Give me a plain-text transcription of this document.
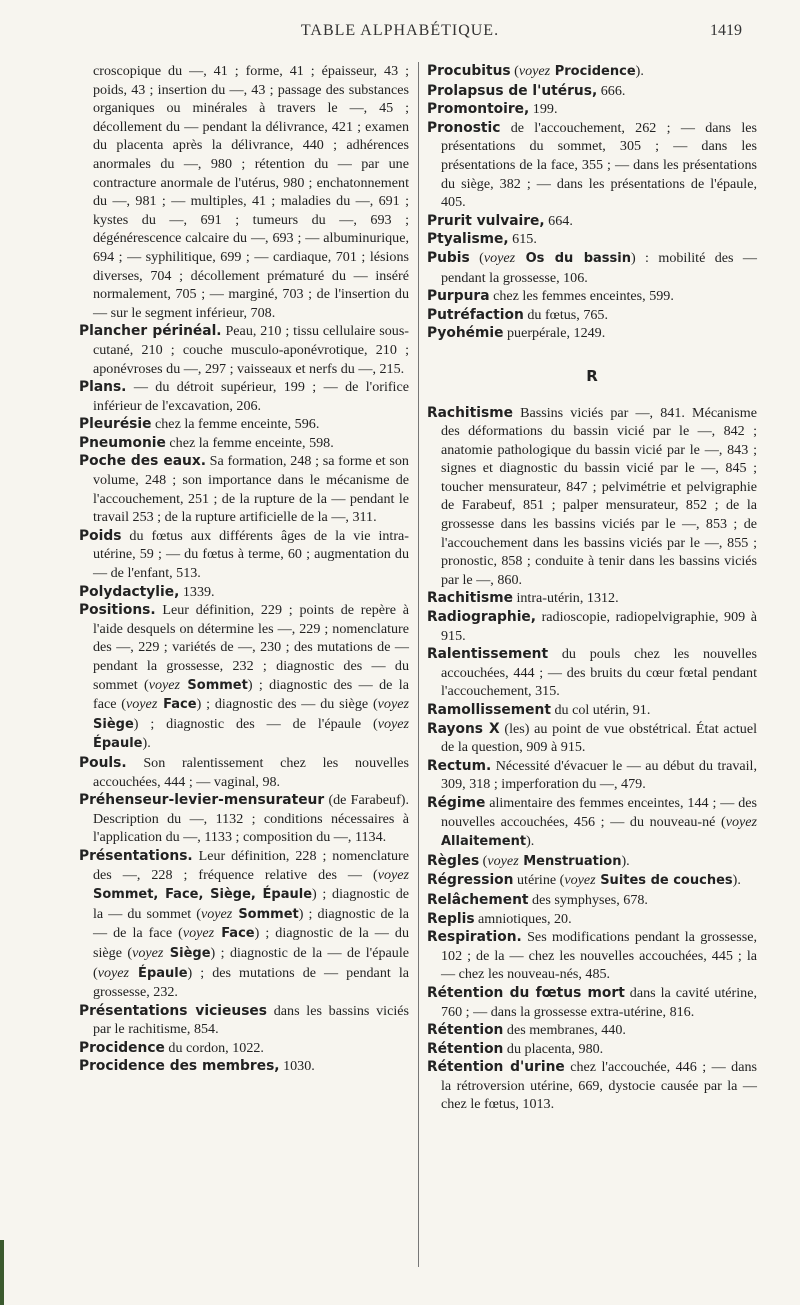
TABLE ALPHABÉTIQUE.	1419

croscopique du —, 41 ; forme, 41 ; épaisseur, 43 ; poids, 43 ; insertion du —, 43 ; passage des substances organiques ou minérales à travers le —, 45 ; décollement du — pendant la délivrance, 421 ; examen du placenta après la délivrance, 440 ; adhérences anormales du —, 980 ; rétention du — par une contracture anormale de l'utérus, 980 ; enchatonnement du —, 981 ; — multiples, 41 ; maladies du —, 691 ; kystes du —, 691 ; tumeurs du —, 693 ; dégénérescence calcaire du —, 693 ; — albuminurique, 694 ; — syphilitique, 699 ; — cardiaque, 701 ; lésions diverses, 704 ; décollement prématuré du — inséré normalement, 705 ; — marginé, 703 ; de l'insertion du — sur le segment inférieur, 708.

Plancher périnéal. Peau, 210 ; tissu cellulaire sous-cutané, 210 ; couche musculo-aponévrotique, 210 ; aponévroses du —, 297 ; vaisseaux et nerfs du —, 215.

Plans. — du détroit supérieur, 199 ; — de l'orifice inférieur de l'excavation, 206.

Pleurésie chez la femme enceinte, 596.

Pneumonie chez la femme enceinte, 598.

Poche des eaux. Sa formation, 248 ; sa forme et son volume, 248 ; son importance dans le mécanisme de l'accouchement, 251 ; de la rupture de la — pendant le travail 253 ; de la rupture artificielle de la —, 311.

Poids du fœtus aux différents âges de la vie intra-utérine, 59 ; — du fœtus à terme, 60 ; augmentation du — de l'enfant, 513.

Polydactylie, 1339.

Positions. Leur définition, 229 ; points de repère à l'aide desquels on détermine les —, 229 ; nomenclature des —, 229 ; variétés de —, 230 ; des mutations de — pendant la grossesse, 232 ; diagnostic des — du sommet (voyez Sommet) ; diagnostic des — de la face (voyez Face) ; diagnostic des — du siège (voyez Siège) ; diagnostic des — de l'épaule (voyez Épaule).

Pouls. Son ralentissement chez les nouvelles accouchées, 444 ; — vaginal, 98.

Préhenseur-levier-mensurateur (de Farabeuf). Description du —, 1132 ; conditions nécessaires à l'application du —, 1133 ; composition du —, 1134.

Présentations. Leur définition, 228 ; nomenclature des —, 228 ; fréquence relative des — (voyez Sommet, Face, Siège, Épaule) ; diagnostic de la — du sommet (voyez Sommet) ; diagnostic de la — de la face (voyez Face) ; diagnostic de la — du siège (voyez Siège) ; diagnostic de la — de l'épaule (voyez Épaule) ; des mutations de — pendant la grossesse, 232.

Présentations vicieuses dans les bassins viciés par le rachitisme, 854.

Procidence du cordon, 1022.

Procidence des membres, 1030.

Procubitus (voyez Procidence).

Prolapsus de l'utérus, 666.

Promontoire, 199.

Pronostic de l'accouchement, 262 ; — dans les présentations du sommet, 305 ; — dans les présentations de la face, 355 ; — dans les présentations du siège, 382 ; — dans les présentations de l'épaule, 405.

Prurit vulvaire, 664.

Ptyalisme, 615.

Pubis (voyez Os du bassin) : mobilité des — pendant la grossesse, 106.

Purpura chez les femmes enceintes, 599.

Putréfaction du fœtus, 765.

Pyohémie puerpérale, 1249.

R

Rachitisme Bassins viciés par —, 841. Mécanisme des déformations du bassin vicié par le —, 842 ; anatomie pathologique du bassin vicié par le —, 843 ; signes et diagnostic du bassin vicié par le —, 845 ; toucher mensurateur, 847 ; pelvimétrie et pelvigraphie de Farabeuf, 851 ; palper mensurateur, 852 ; de la grossesse dans les bassins viciés par le —, 853 ; de l'accouchement dans les bassins viciés par le —, 855 ; pronostic, 858 ; conduite à tenir dans les bassins viciés par le —, 860.

Rachitisme intra-utérin, 1312.

Radiographie, radioscopie, radiopelvigraphie, 909 à 915.

Ralentissement du pouls chez les nouvelles accouchées, 444 ; — des bruits du cœur fœtal pendant l'accouchement, 315.

Ramollissement du col utérin, 91.

Rayons X (les) au point de vue obstétrical. État actuel de la question, 909 à 915.

Rectum. Nécessité d'évacuer le — au début du travail, 309, 318 ; imperforation du —, 479.

Régime alimentaire des femmes enceintes, 144 ; — des nouvelles accouchées, 456 ; — du nouveau-né (voyez Allaitement).

Règles (voyez Menstruation).

Régression utérine (voyez Suites de couches).

Relâchement des symphyses, 678.

Replis amniotiques, 20.

Respiration. Ses modifications pendant la grossesse, 102 ; de la — chez les nouvelles accouchées, 445 ; la — chez les nouveau-nés, 485.

Rétention du fœtus mort dans la cavité utérine, 760 ; — dans la grossesse extra-utérine, 816.

Rétention des membranes, 440.

Rétention du placenta, 980.

Rétention d'urine chez l'accouchée, 446 ; — dans la rétroversion utérine, 669, dystocie causée par la — chez le fœtus, 1013.
